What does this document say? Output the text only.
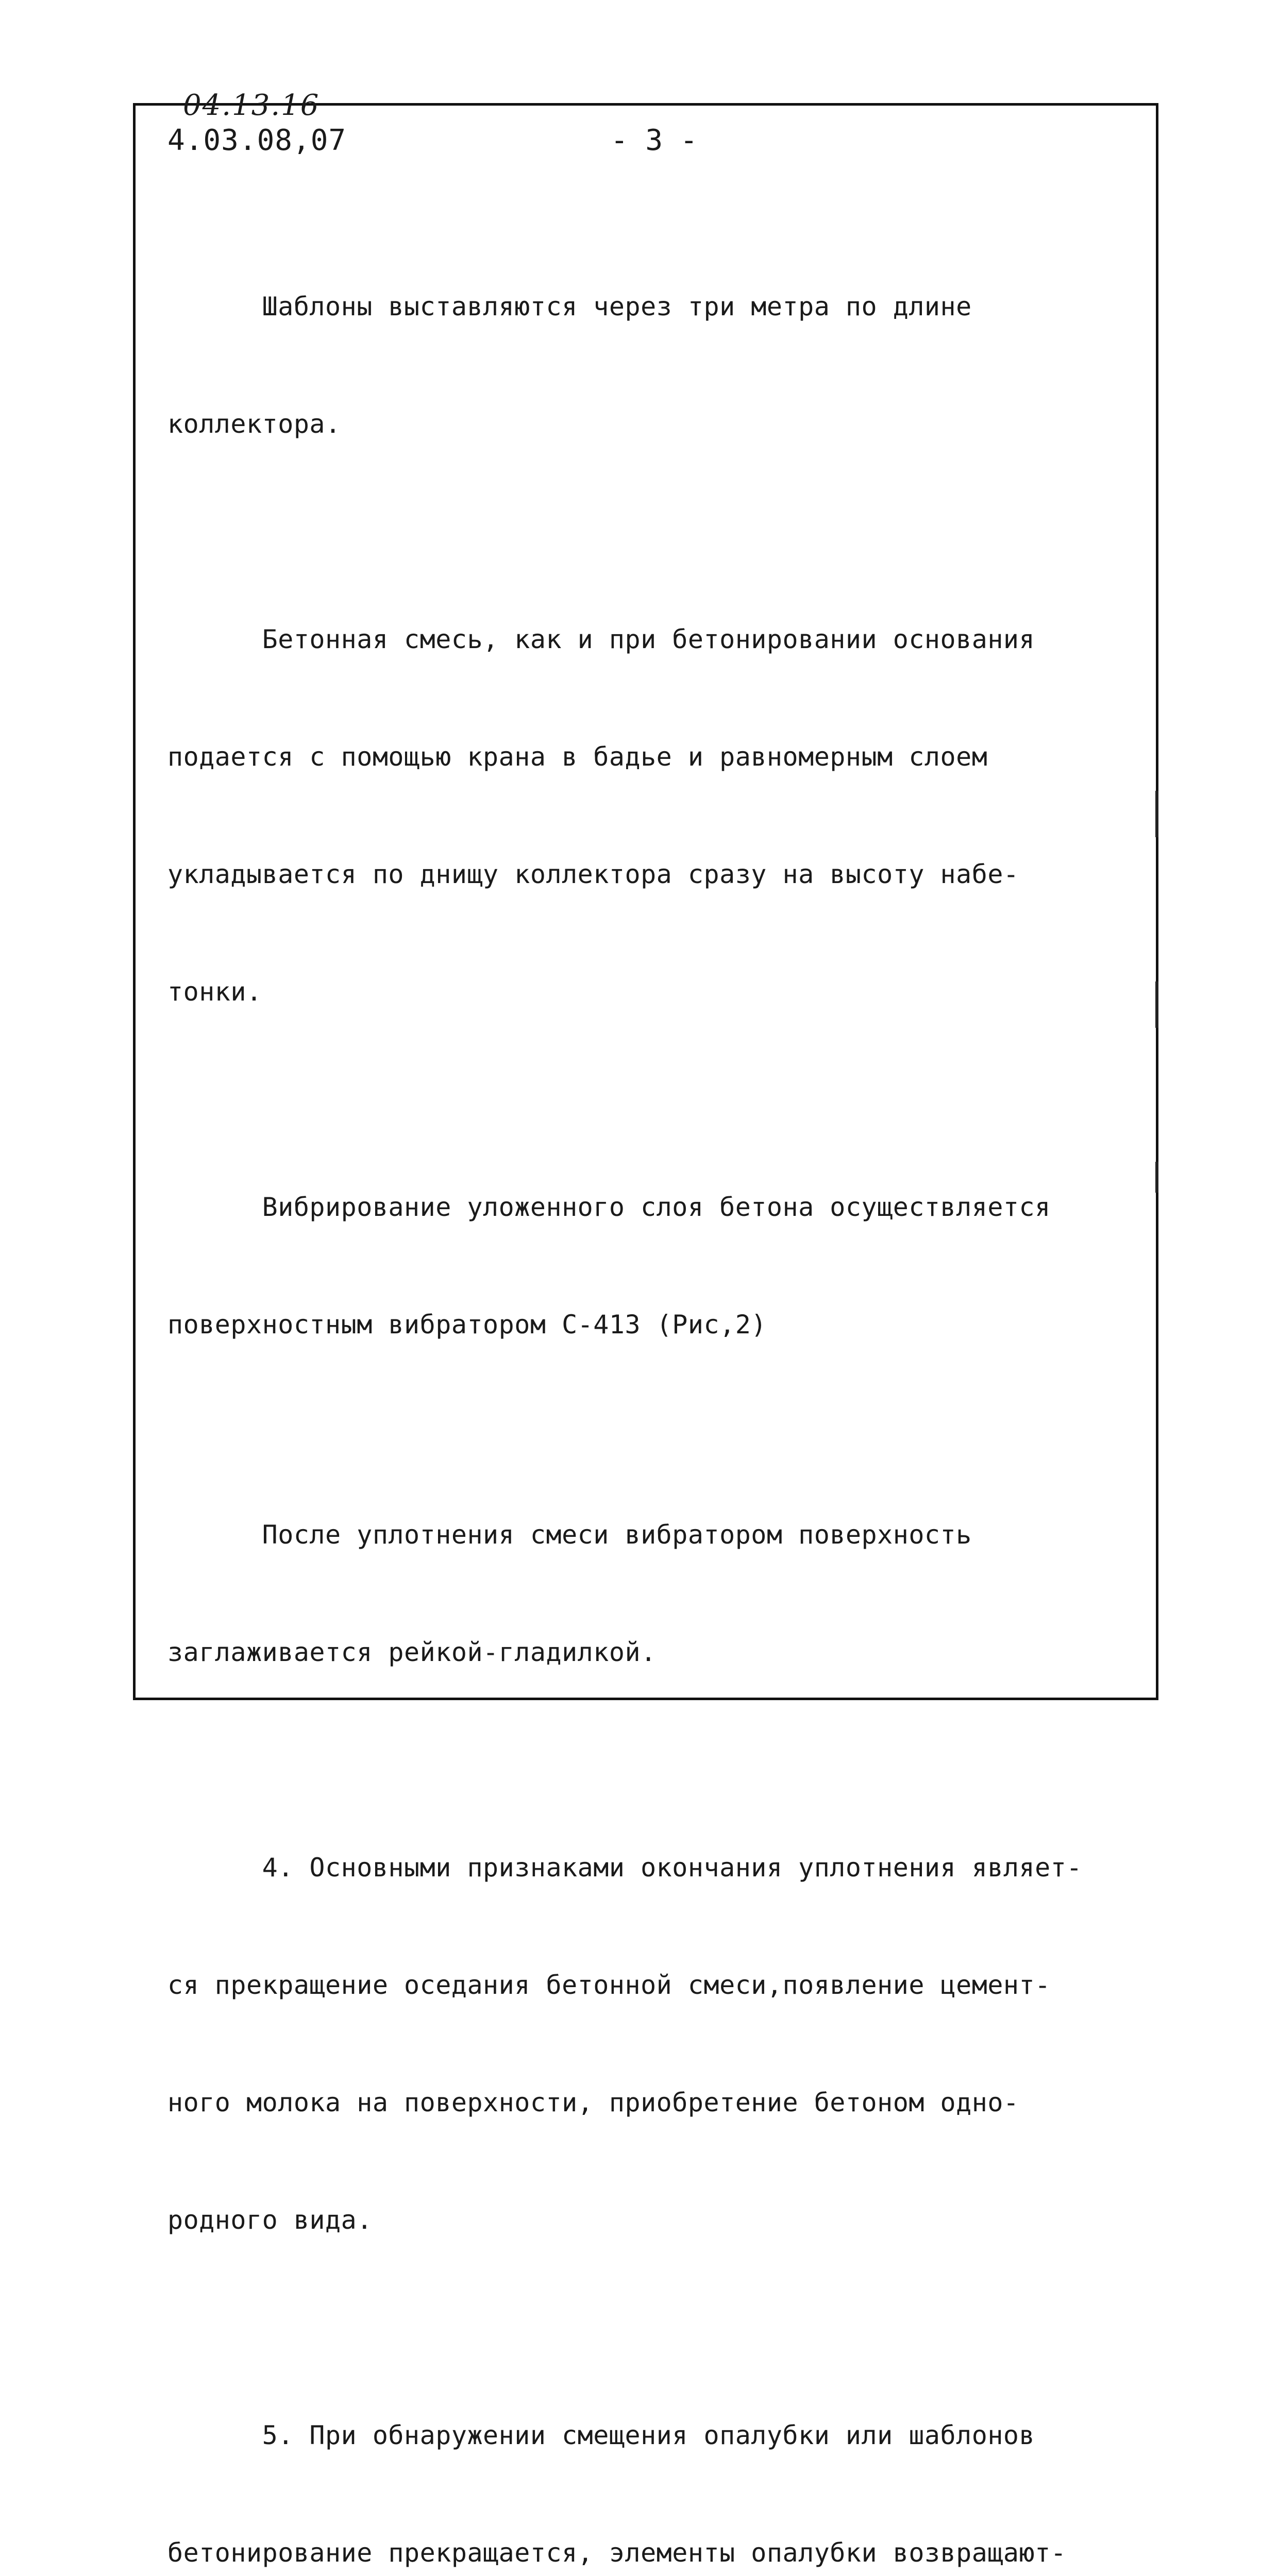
04.13.16
4.03.08,07	- 3 -

Шаблоны выставляются через три метра по длине

коллектора.

Бетонная смесь, как и при бетонировании основания

подается с помощью крана в бадье и равномерным слоем

укладывается по днищу коллектора сразу на высоту набе-

тонки.

Вибрирование уложенного слоя бетона осуществляется

поверхностным вибратором С-413 (Рис,2)

После уплотнения смеси вибратором поверхность

заглаживается рейкой-гладилкой.

4. Основными признаками окончания уплотнения являет-

ся прекращение оседания бетонной смеси,появление цемент-

ного молока на поверхности, приобретение бетоном одно-

родного вида.

5. При обнаружении смещения опалубки или шаблонов

бетонирование прекращается, элементы опалубки возвращают-
